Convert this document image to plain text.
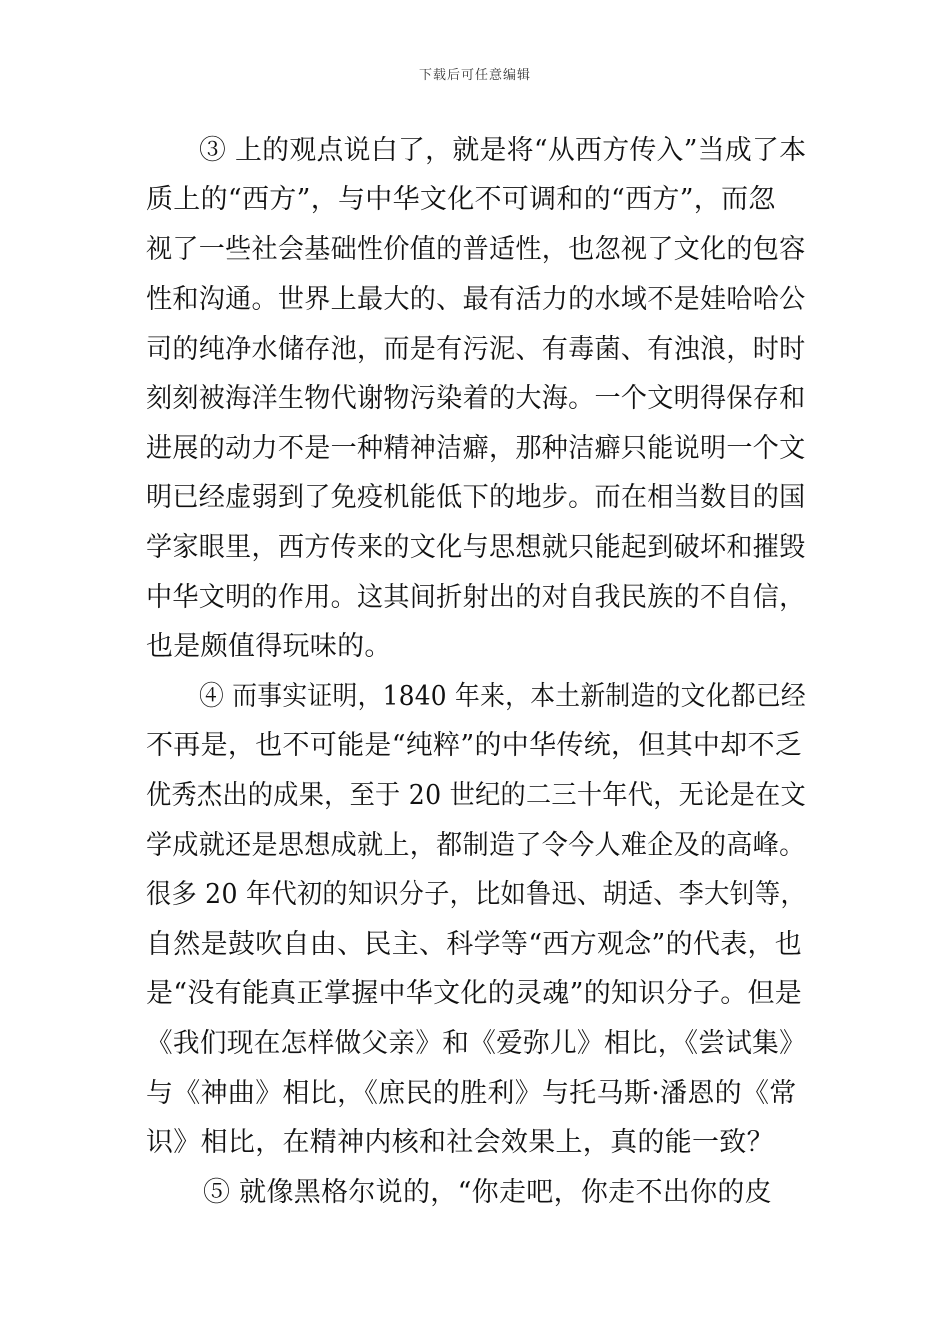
下载后可任意编辑
③ 上的观点说白了，就是将“从西方传入”当成了本
质上的“西方”，与中华文化不可调和的“西方”，而忽
视了一些社会基础性价值的普适性，也忽视了文化的包容
性和沟通。世界上最大的、最有活力的水域不是娃哈哈公
司的纯净水储存池，而是有污泥、有毒菌、有浊浪，时时
刻刻被海洋生物代谢物污染着的大海。一个文明得保存和
进展的动力不是一种精神洁癖，那种洁癖只能说明一个文
明已经虚弱到了免疫机能低下的地步。而在相当数目的国
学家眼里，西方传来的文化与思想就只能起到破坏和摧毁
中华文明的作用。这其间折射出的对自我民族的不自信，
也是颇值得玩味的。
④ 而事实证明，1840 年来，本土新制造的文化都已经
不再是，也不可能是“纯粹”的中华传统，但其中却不乏
优秀杰出的成果，至于 20 世纪的二三十年代，无论是在文
学成就还是思想成就上，都制造了令今人难企及的高峰。
很多 20 年代初的知识分子，比如鲁迅、胡适、李大钊等，
自然是鼓吹自由、民主、科学等“西方观念”的代表，也
是“没有能真正掌握中华文化的灵魂”的知识分子。但是
《我们现在怎样做父亲》和《爱弥儿》相比，《尝试集》
与《神曲》相比，《庶民的胜利》与托马斯·潘恩的《常
识》相比，在精神内核和社会效果上，真的能一致？
⑤ 就像黑格尔说的，“你走吧，你走不出你的皮
